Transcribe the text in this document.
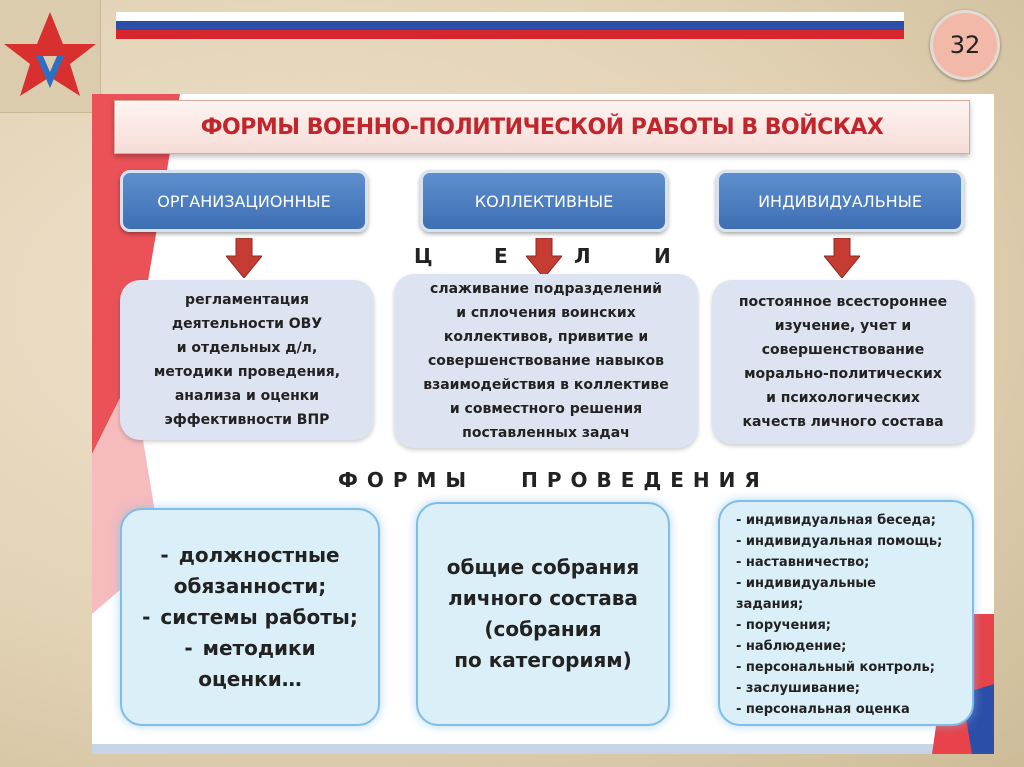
32
ФОРМЫ ВОЕННО-ПОЛИТИЧЕСКОЙ РАБОТЫ В ВОЙСКАХ
ОРГАНИЗАЦИОННЫЕ	КОЛЛЕКТИВНЫЕ	ИНДИВИДУАЛЬНЫЕ
Ц	Е	Л	И
регламентация
деятельности ОВУ
и отдельных д/л,
методики проведения,
анализа и оценки
эффективности ВПР
слаживание подразделений
и сплочения воинских
коллективов, привитие и
совершенствование навыков
взаимодействия в коллективе
и совместного решения
поставленных задач
постоянное всестороннее
изучение, учет и
совершенствование
морально-политических
и психологических
качеств личного состава
ФОРМЫ ПРОВЕДЕНИЯ
- должностные
обязанности;
- системы работы;
- методики
оценки…
общие собрания
личного состава
(собрания
по категориям)
- индивидуальная беседа;
- индивидуальная помощь;
- наставничество;
- индивидуальные
задания;
- поручения;
- наблюдение;
- персональный контроль;
- заслушивание;
- персональная оценка
